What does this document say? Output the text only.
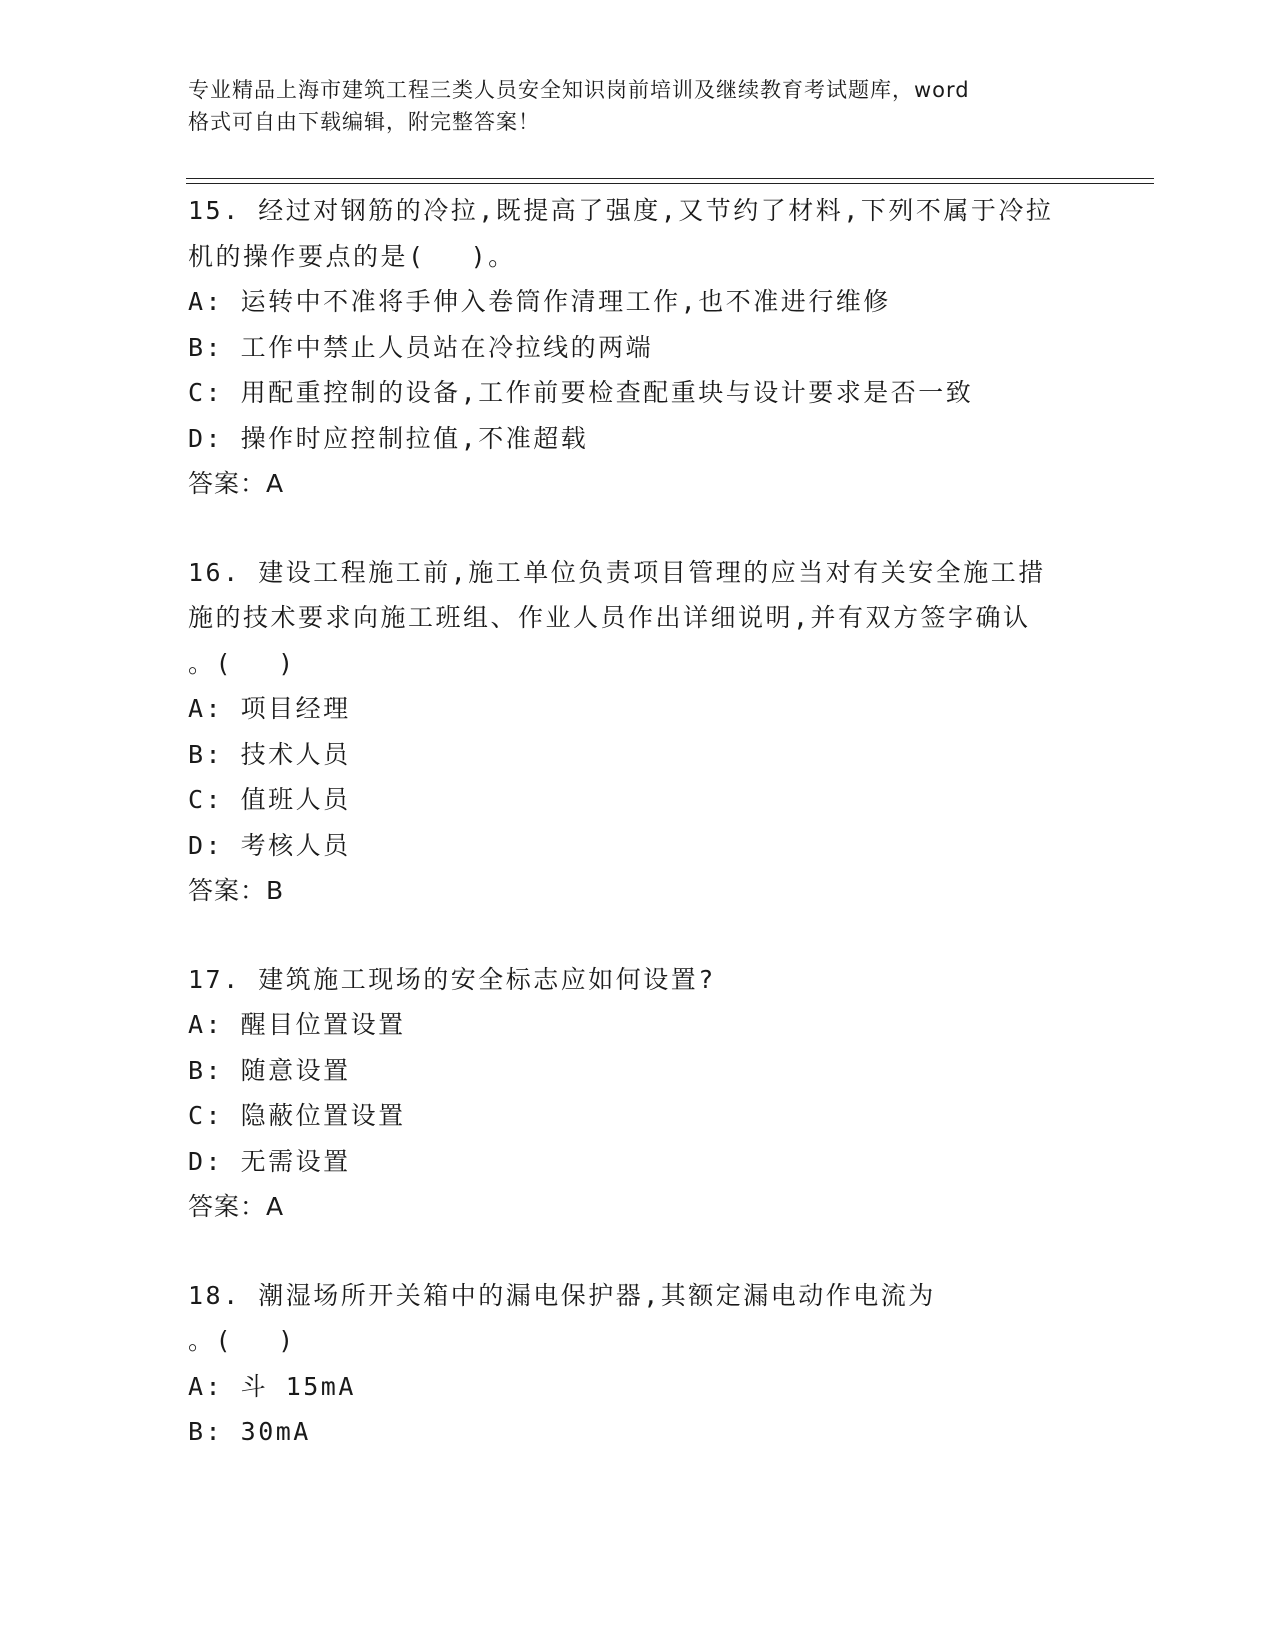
专业精品上海市建筑工程三类人员安全知识岗前培训及继续教育考试题库，word
格式可自由下载编辑，附完整答案！
15. 经过对钢筋的冷拉,既提高了强度,又节约了材料,下列不属于冷拉
机的操作要点的是(　 )。
A: 运转中不准将手伸入卷筒作清理工作,也不准进行维修
B: 工作中禁止人员站在冷拉线的两端
C: 用配重控制的设备,工作前要检查配重块与设计要求是否一致
D: 操作时应控制拉值,不准超载
答案：A
16. 建设工程施工前,施工单位负责项目管理的应当对有关安全施工措
施的技术要求向施工班组、作业人员作出详细说明,并有双方签字确认
。(　 )
A: 项目经理
B: 技术人员
C: 值班人员
D: 考核人员
答案：B
17. 建筑施工现场的安全标志应如何设置?
A: 醒目位置设置
B: 随意设置
C: 隐蔽位置设置
D: 无需设置
答案：A
18. 潮湿场所开关箱中的漏电保护器,其额定漏电动作电流为
。(　 )
A: 斗 15mA
B: 30mA
